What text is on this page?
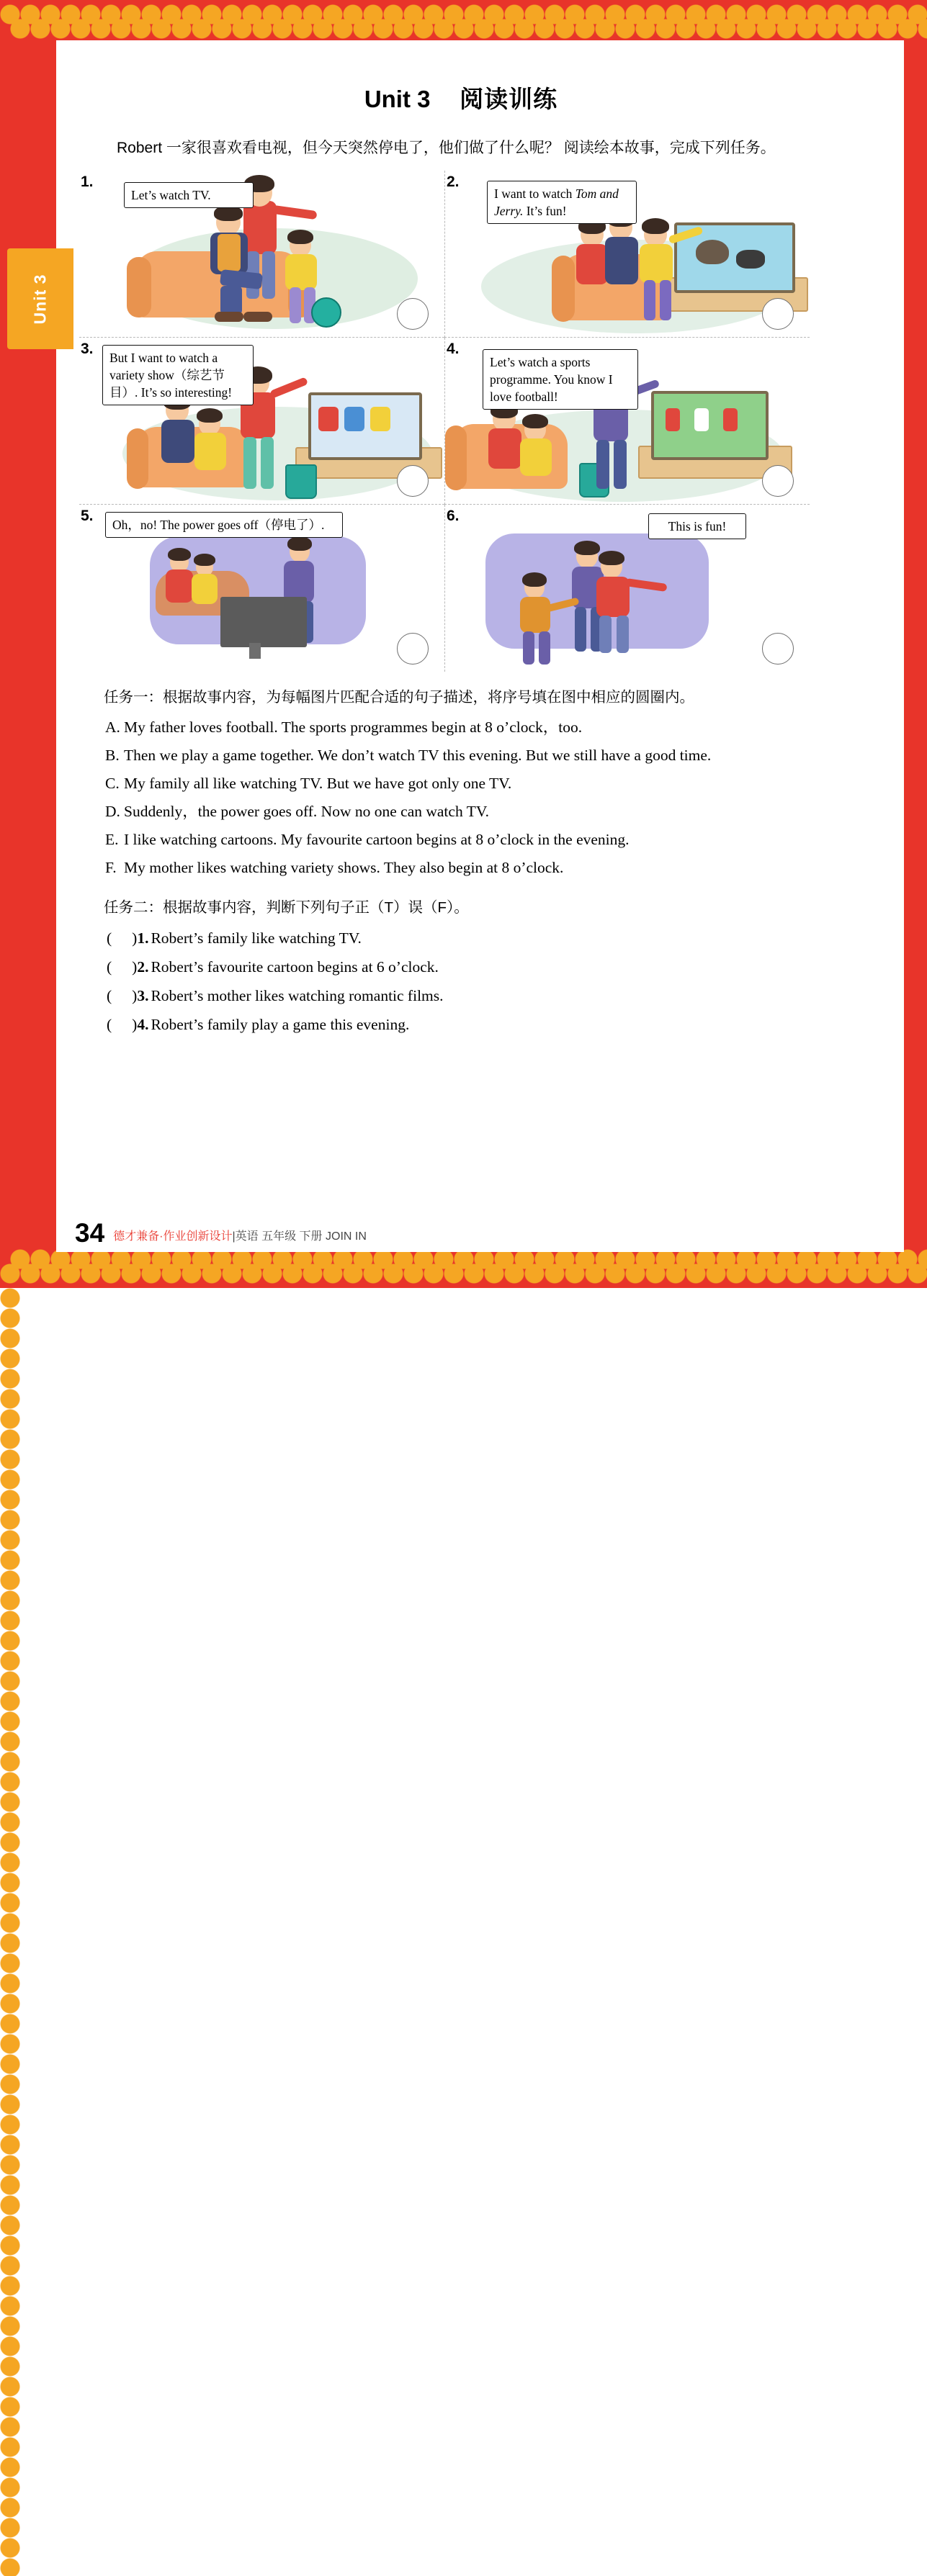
Unit 3
Unit 3 阅读训练

Robert 一家很喜欢看电视，但今天突然停电了，他们做了什么呢？ 阅读绘本故事，完成下列任务。

1.
Let’s watch TV.
2.
I want to watch Tom and Jerry. It’s fun!
3.
But I want to watch a variety show（综艺节目）. It’s so interesting!
4.
Let’s watch a sports programme. You know I love football!
5.
Oh，no! The power goes off（停电了）.
6.
This is fun!
任务一：根据故事内容，为每幅图片匹配合适的句子描述，将序号填在图中相应的圆圈内。
A. My father loves football. The sports programmes begin at 8 o’clock，too.
B. Then we play a game together. We don’t watch TV this evening. But we still have a good time.
C. My family all like watching TV. But we have got only one TV.
D. Suddenly，the power goes off. Now no one can watch TV.
E. I like watching cartoons. My favourite cartoon begins at 8 o’clock in the evening.
F. My mother likes watching variety shows. They also begin at 8 o’clock.
任务二：根据故事内容，判断下列句子正（T）误（F）。
( ) 1. Robert’s family like watching TV.
( ) 2. Robert’s favourite cartoon begins at 6 o’clock.
( ) 3. Robert’s mother likes watching romantic films.
( ) 4. Robert’s family play a game this evening.
34 德才兼备·作业创新设计|英语 五年级 下册 JOIN IN
